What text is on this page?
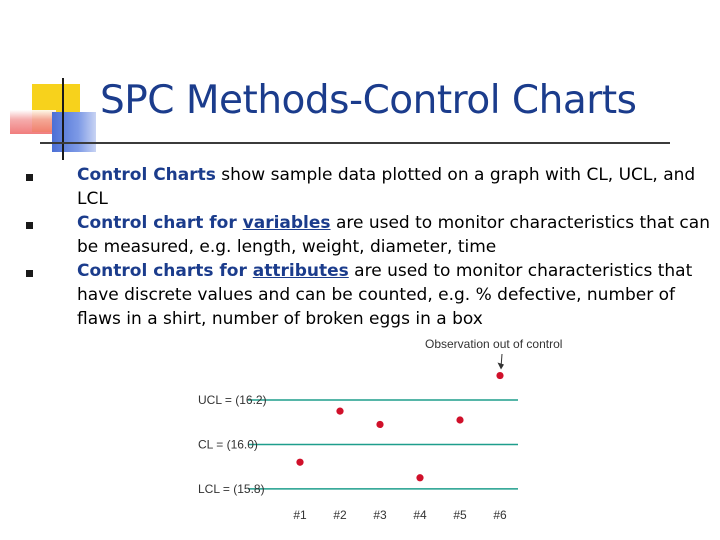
SPC Methods-Control Charts
Control Charts show sample data plotted on a graph with CL, UCL, and LCL
Control chart for variables are used to monitor characteristics that can be measured, e.g. length, weight, diameter, time
Control charts for attributes are used to monitor characteristics that have discrete values and can be counted, e.g. % defective, number of flaws in a shirt, number of broken eggs in a box
UCL = (16.2)
CL = (16.0)
LCL = (15.8)
#1 #2 #3 #4 #5 #6
Observation out of control
